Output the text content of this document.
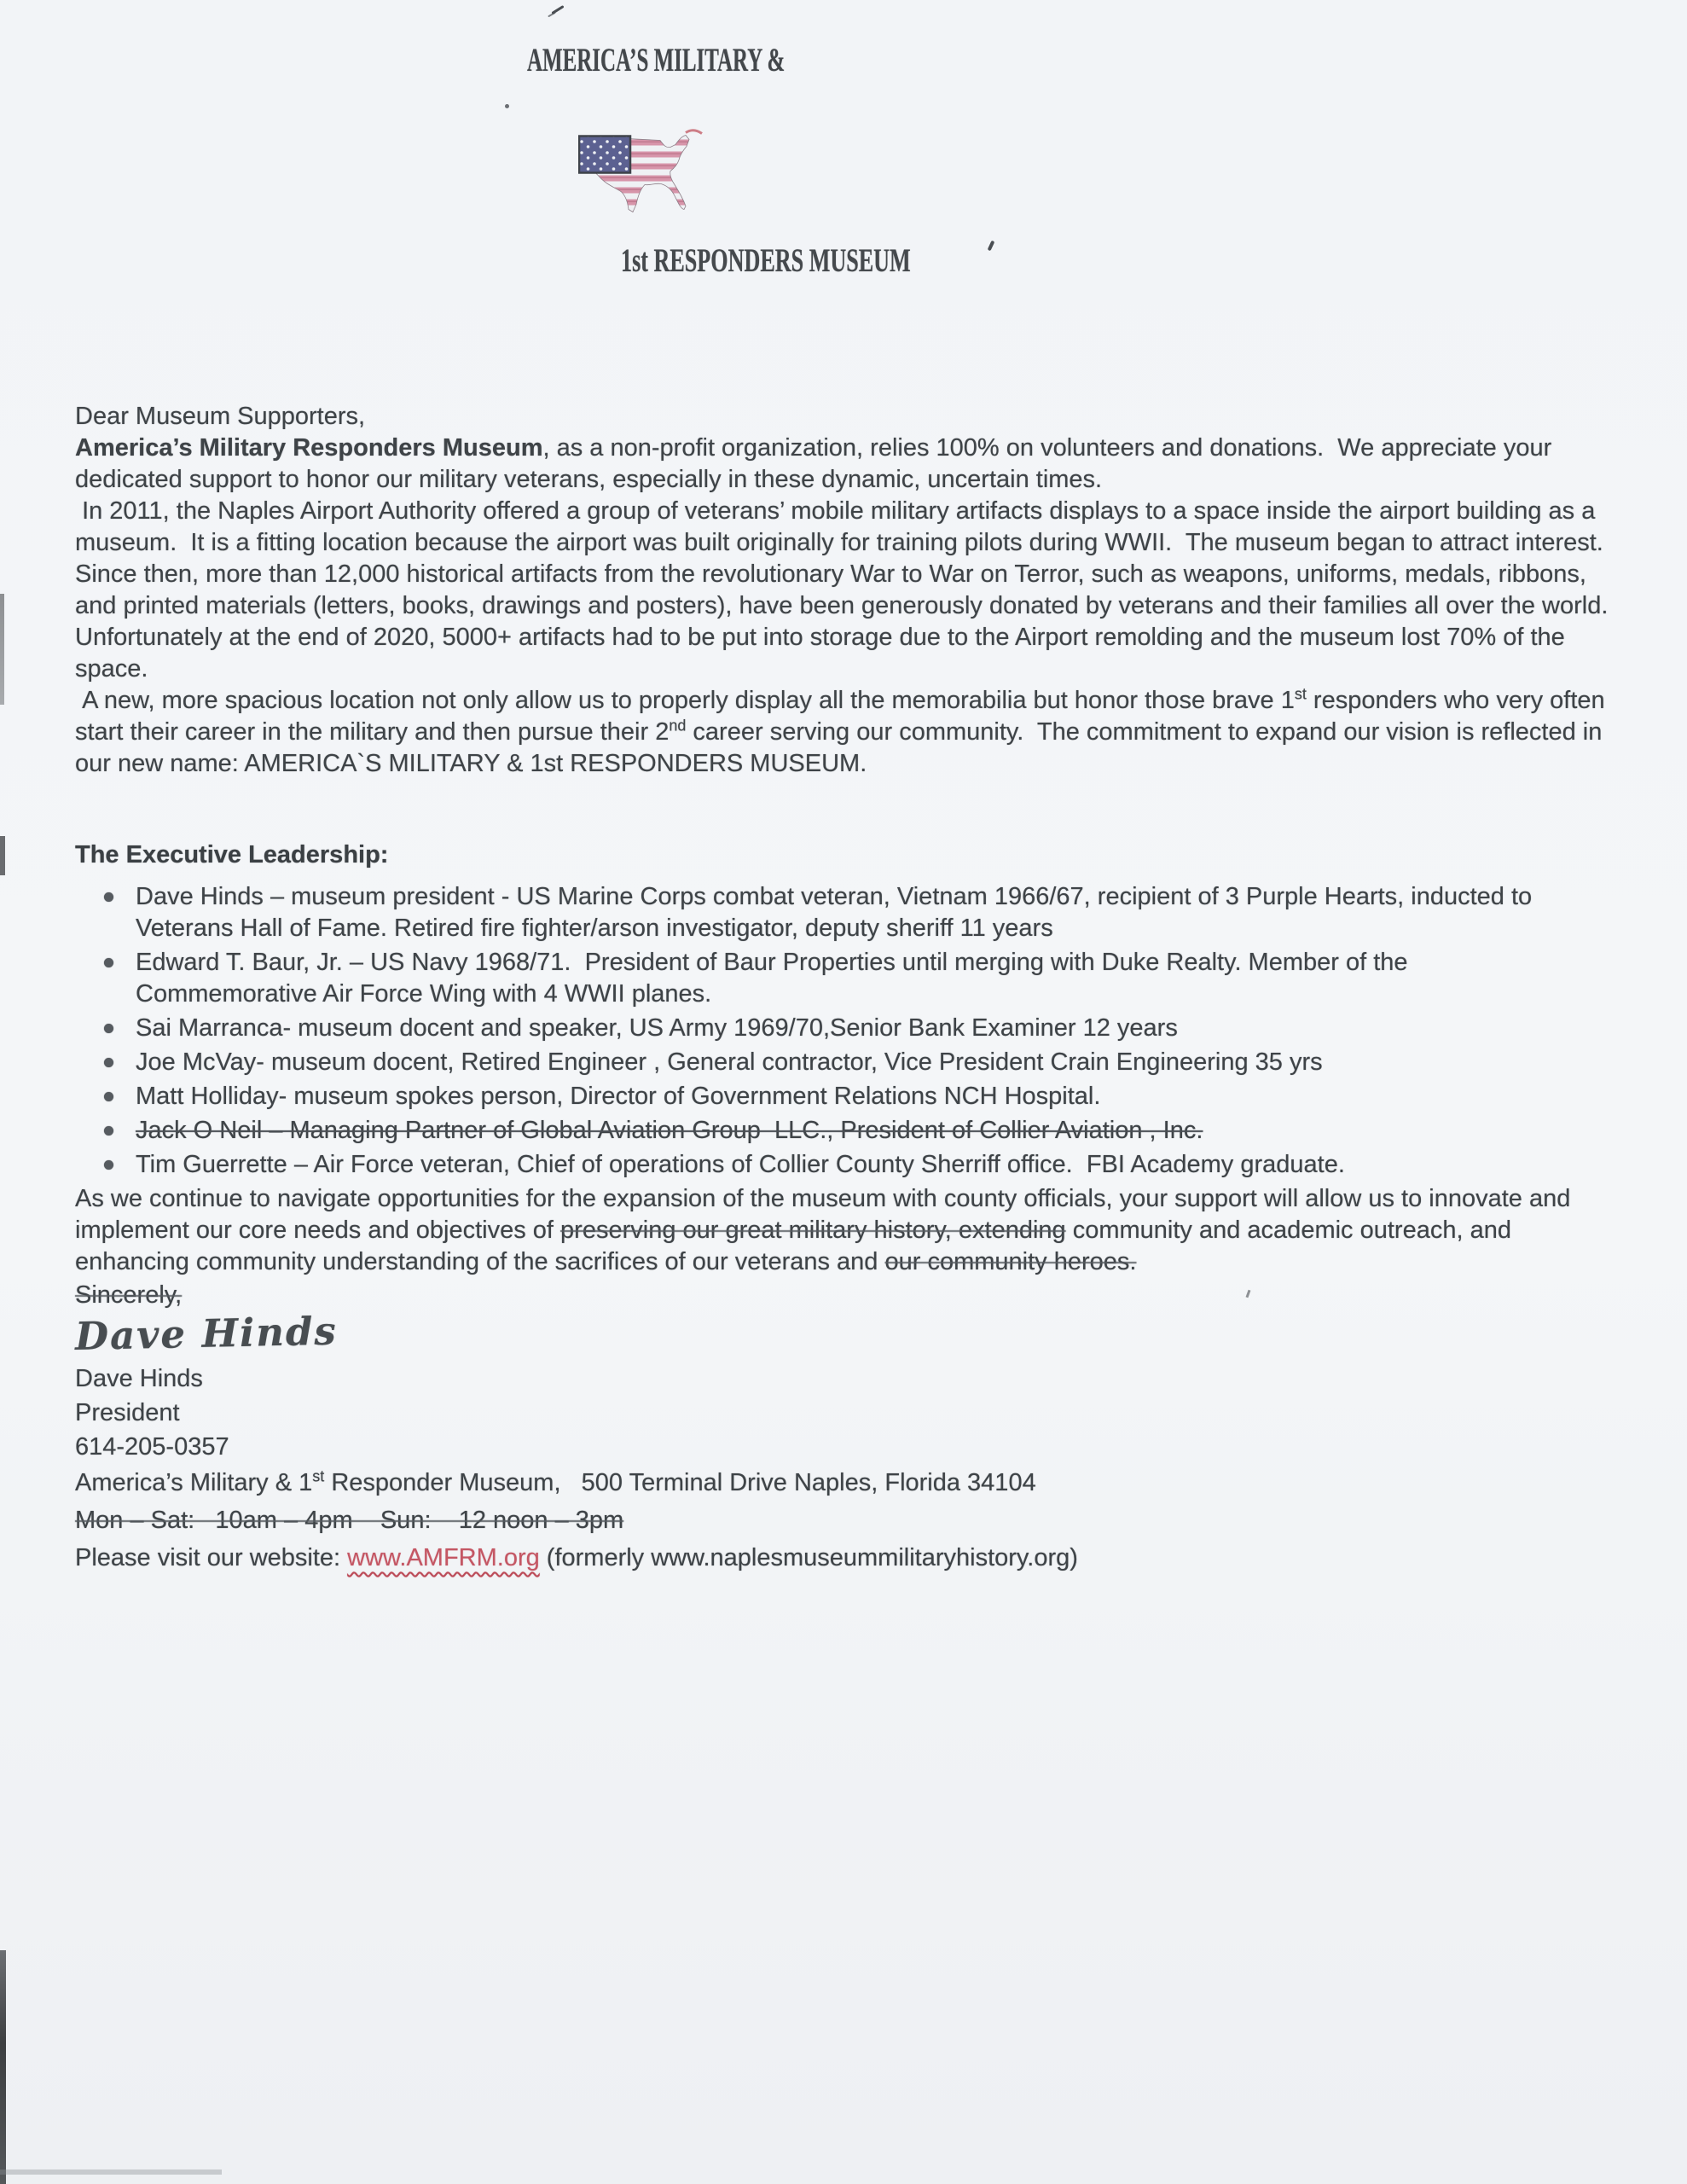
AMERICA’S MILITARY &
1st RESPONDERS MUSEUM

Dear Museum Supporters,

America’s Military Responders Museum, as a non-profit organization, relies 100% on volunteers and donations.  We appreciate your dedicated support to honor our military veterans, especially in these dynamic, uncertain times.

In 2011, the Naples Airport Authority offered a group of veterans’ mobile military artifacts displays to a space inside the airport building as a museum.  It is a fitting location because the airport was built originally for training pilots during WWII.  The museum began to attract interest.   Since then, more than 12,000 historical artifacts from the revolutionary War to War on Terror, such as weapons, uniforms, medals, ribbons, and printed materials (letters, books, drawings and posters), have been generously donated by veterans and their families all over the world.  Unfortunately at the end of 2020, 5000+ artifacts had to be put into storage due to the Airport remolding and the museum lost 70% of the space.

A new, more spacious location not only allow us to properly display all the memorabilia but honor those brave 1st responders who very often start their career in the military and then pursue their 2nd career serving our community.  The commitment to expand our vision is reflected in our new name: AMERICA`S MILITARY & 1st RESPONDERS MUSEUM.

The Executive Leadership:
Dave Hinds – museum president - US Marine Corps combat veteran, Vietnam 1966/67, recipient of 3 Purple Hearts, inducted to Veterans Hall of Fame. Retired fire fighter/arson investigator, deputy sheriff 11 years
Edward T. Baur, Jr. – US Navy 1968/71.  President of Baur Properties until merging with Duke Realty. Member of the Commemorative Air Force Wing with 4 WWII planes.
Sai Marranca- museum docent and speaker, US Army 1969/70,Senior Bank Examiner 12 years
Joe McVay- museum docent, Retired Engineer , General contractor, Vice President Crain Engineering 35 yrs
Matt Holliday- museum spokes person, Director of Government Relations NCH Hospital.
Jack O Neil – Managing Partner of Global Aviation Group  LLC., President of Collier Aviation , Inc.
Tim Guerrette – Air Force veteran, Chief of operations of Collier County Sherriff office.  FBI Academy graduate.

As we continue to navigate opportunities for the expansion of the museum with county officials, your support will allow us to innovate and implement our core needs and objectives of preserving our great military history, extending community and academic outreach, and enhancing community understanding of the sacrifices of our veterans and our community heroes.

Sincerely,
Dave Hinds
Dave Hinds
President
614-205-0357
America’s Military & 1st Responder Museum,   500 Terminal Drive Naples, Florida 34104
Mon – Sat:   10am – 4pm    Sun:    12 noon – 3pm
Please visit our website: www.AMFRM.org (formerly www.naplesmuseummilitaryhistory.org)
